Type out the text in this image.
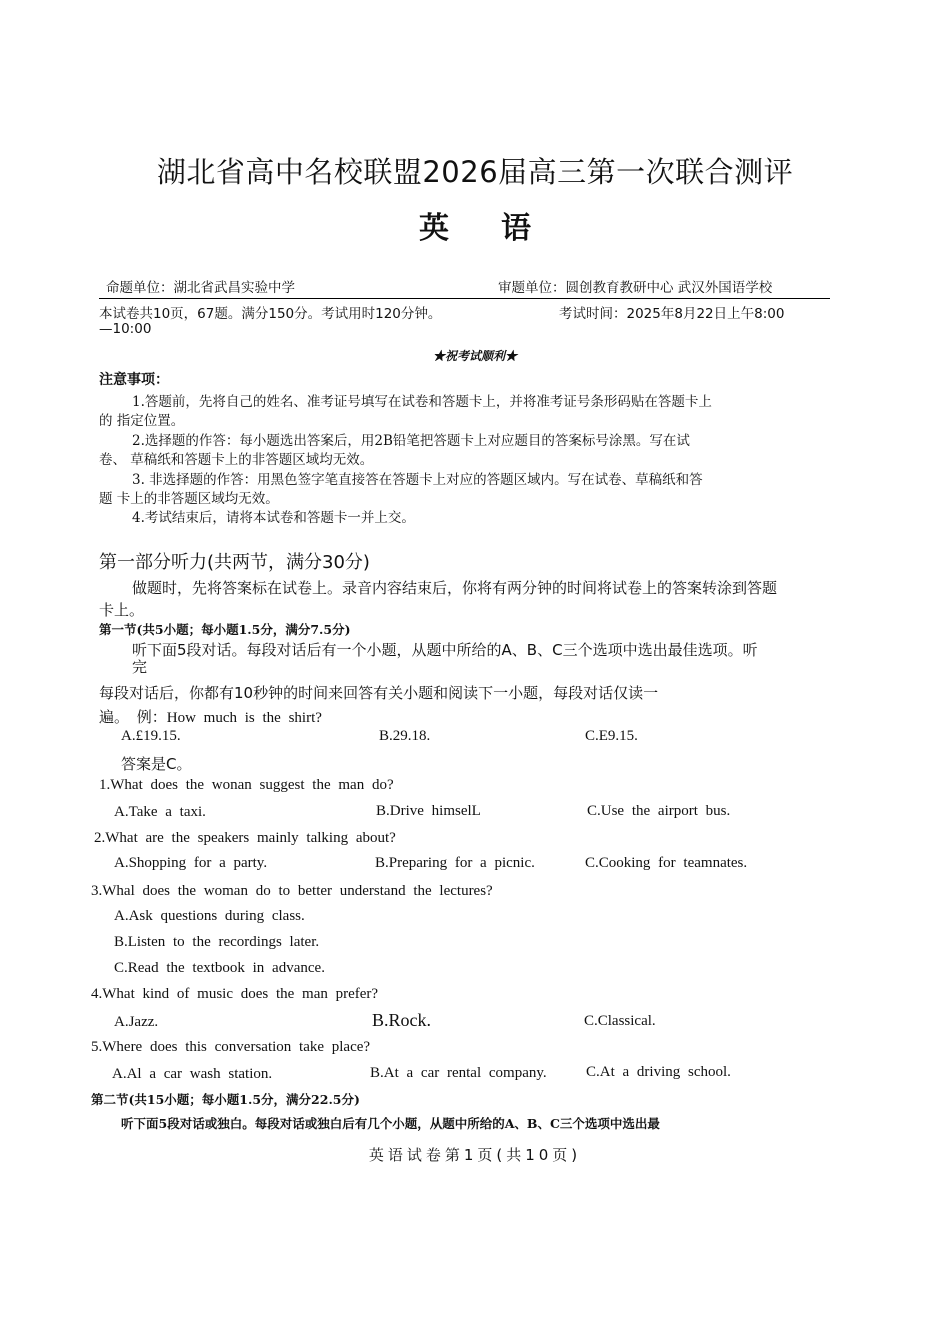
湖北省高中名校联盟2026届高三第一次联合测评
英语
命题单位：湖北省武昌实验中学	审题单位：圆创教育教研中心 武汉外国语学校
本试卷共10页，67题。满分150分。考试用时120分钟。	考试时间：2025年8月22日上午8:00
—10:00
★祝考试顺利★
注意事项：
1.答题前，先将自己的姓名、准考证号填写在试卷和答题卡上，并将准考证号条形码贴在答题卡上
的 指定位置。
2.选择题的作答：每小题选出答案后，用2B铅笔把答题卡上对应题目的答案标号涂黑。写在试
卷、 草稿纸和答题卡上的非答题区域均无效。
3. 非选择题的作答：用黑色签字笔直接答在答题卡上对应的答题区域内。写在试卷、草稿纸和答
题 卡上的非答题区域均无效。
4.考试结束后，请将本试卷和答题卡一并上交。
第一部分听力(共两节，满分30分)
做题时，先将答案标在试卷上。录音内容结束后，你将有两分钟的时间将试卷上的答案转涂到答题
卡上。
第一节(共5小题；每小题1.5分，满分7.5分)
听下面5段对话。每段对话后有一个小题，从题中所给的A、B、C三个选项中选出最佳选项。听
完
每段对话后，你都有10秒钟的时间来回答有关小题和阅读下一小题，每段对话仅读一
遍。 例：How much is the shirt?
A.£19.15.	B.29.18.	C.E9.15.
答案是C。
1.What does the wonan suggest the man do?
A.Take a taxi.	B.Drive himselL	C.Use the airport bus.
2.What are the speakers mainly talking about?
A.Shopping for a party.	B.Preparing for a picnic.	C.Cooking for teamnates.
3.Whal does the woman do to better understand the lectures?
A.Ask questions during class.
B.Listen to the recordings later.
C.Read the textbook in advance.
4.What kind of music does the man prefer?
A.Jazz.	B.Rock.	C.Classical.
5.Where does this conversation take place?
A.Al a car wash station.	B.At a car rental company.	C.At a driving school.
第二节(共15小题；每小题1.5分，满分22.5分)
听下面5段对话或独白。每段对话或独白后有几个小题，从题中所给的A、B、C三个选项中选出最
英语试卷第1页(共10页)
